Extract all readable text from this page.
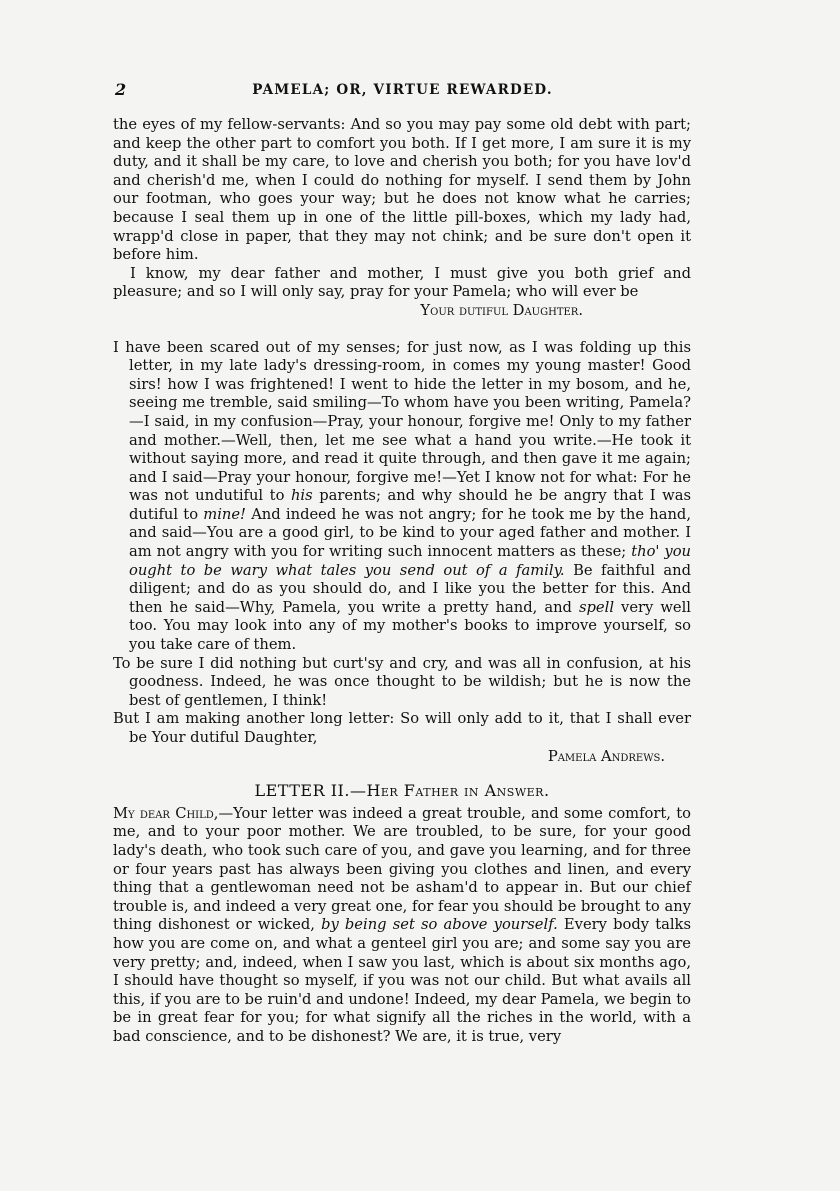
2	PAMELA; OR, VIRTUE REWARDED.

the eyes of my fellow-servants: And so you may pay some old debt with part; and keep the other part to comfort you both. If I get more, I am sure it is my duty, and it shall be my care, to love and cherish you both; for you have lov'd and cherish'd me, when I could do nothing for myself. I send them by John our footman, who goes your way; but he does not know what he carries; because I seal them up in one of the little pill-boxes, which my lady had, wrapp'd close in paper, that they may not chink; and be sure don't open it before him.

I know, my dear father and mother, I must give you both grief and pleasure; and so I will only say, pray for your Pamela; who will ever be

Your dutiful Daughter.

I have been scared out of my senses; for just now, as I was folding up this letter, in my late lady's dressing-room, in comes my young master! Good sirs! how I was frightened! I went to hide the letter in my bosom, and he, seeing me tremble, said smiling—To whom have you been writing, Pamela?—I said, in my confusion—Pray, your honour, forgive me! Only to my father and mother.—Well, then, let me see what a hand you write.—He took it without saying more, and read it quite through, and then gave it me again; and I said—Pray your honour, forgive me!—Yet I know not for what: For he was not undutiful to his parents; and why should he be angry that I was dutiful to mine! And indeed he was not angry; for he took me by the hand, and said—You are a good girl, to be kind to your aged father and mother. I am not angry with you for writing such innocent matters as these; tho' you ought to be wary what tales you send out of a family. Be faithful and diligent; and do as you should do, and I like you the better for this. And then he said—Why, Pamela, you write a pretty hand, and spell very well too. You may look into any of my mother's books to improve yourself, so you take care of them.

To be sure I did nothing but curt'sy and cry, and was all in confusion, at his goodness. Indeed, he was once thought to be wildish; but he is now the best of gentlemen, I think!

But I am making another long letter: So will only add to it, that I shall ever be Your dutiful Daughter,

Pamela Andrews.

LETTER II.—Her Father in Answer.

My dear Child,—Your letter was indeed a great trouble, and some comfort, to me, and to your poor mother. We are troubled, to be sure, for your good lady's death, who took such care of you, and gave you learning, and for three or four years past has always been giving you clothes and linen, and every thing that a gentlewoman need not be asham'd to appear in. But our chief trouble is, and indeed a very great one, for fear you should be brought to any thing dishonest or wicked, by being set so above yourself. Every body talks how you are come on, and what a genteel girl you are; and some say you are very pretty; and, indeed, when I saw you last, which is about six months ago, I should have thought so myself, if you was not our child. But what avails all this, if you are to be ruin'd and undone! Indeed, my dear Pamela, we begin to be in great fear for you; for what signify all the riches in the world, with a bad conscience, and to be dishonest? We are, it is true, very
